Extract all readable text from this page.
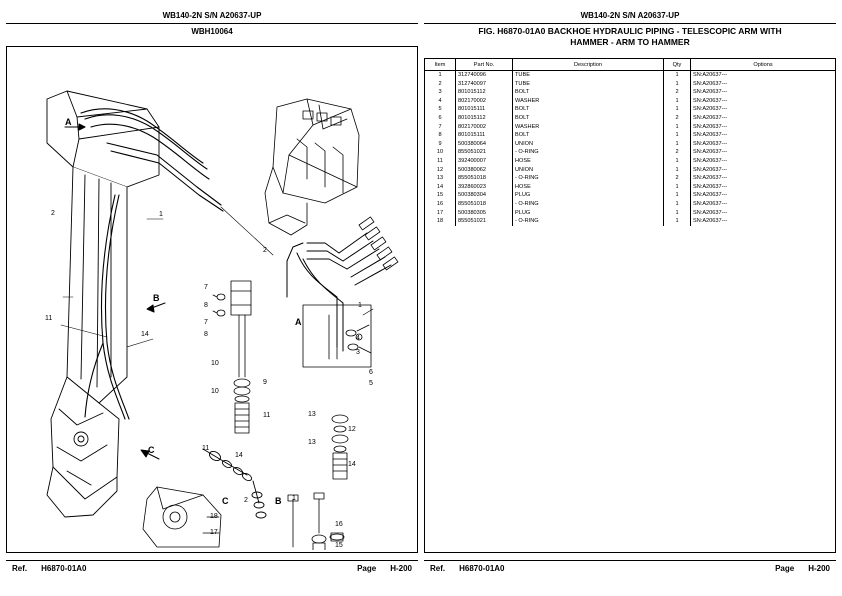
WB140-2N S/N A20637-UP
WBH10064
A
B
C
A
C	B
2	1
2
1
11
14
7
8
7
8
10
10
9
11
4
3
6
5
13
12
13
14
11
14
2	1
18
17
16
15
Ref. H6870-01A0	Page H-200
WB140-2N S/N A20637-UP
FIG. H6870-01A0 BACKHOE HYDRAULIC PIPING - TELESCOPIC ARM WITH
HAMMER - ARM TO HAMMER
Item	Part No.	Description	Qty	Options
1	312740096	TUBE	1	SN:A20637---
2	312740097	TUBE	1	SN:A20637---
3	801015112	BOLT	2	SN:A20637---
4	802170002	WASHER	1	SN:A20637---
5	801015111	BOLT	1	SN:A20637---
6	801015112	BOLT	2	SN:A20637---
7	802170002	WASHER	1	SN:A20637---
8	801015111	BOLT	1	SN:A20637---
9	500380064	UNION	1	SN:A20637---
10	855051021	- O-RING	2	SN:A20637---
11	392400007	HOSE	1	SN:A20637---
12	500380062	UNION	1	SN:A20637---
13	855051018	- O-RING	2	SN:A20637---
14	392860023	HOSE	1	SN:A20637---
15	500380304	PLUG	1	SN:A20637---
16	855051018	- O-RING	1	SN:A20637---
17	500380305	PLUG	1	SN:A20637---
18	855051021	- O-RING	1	SN:A20637---
Ref. H6870-01A0	Page H-200
